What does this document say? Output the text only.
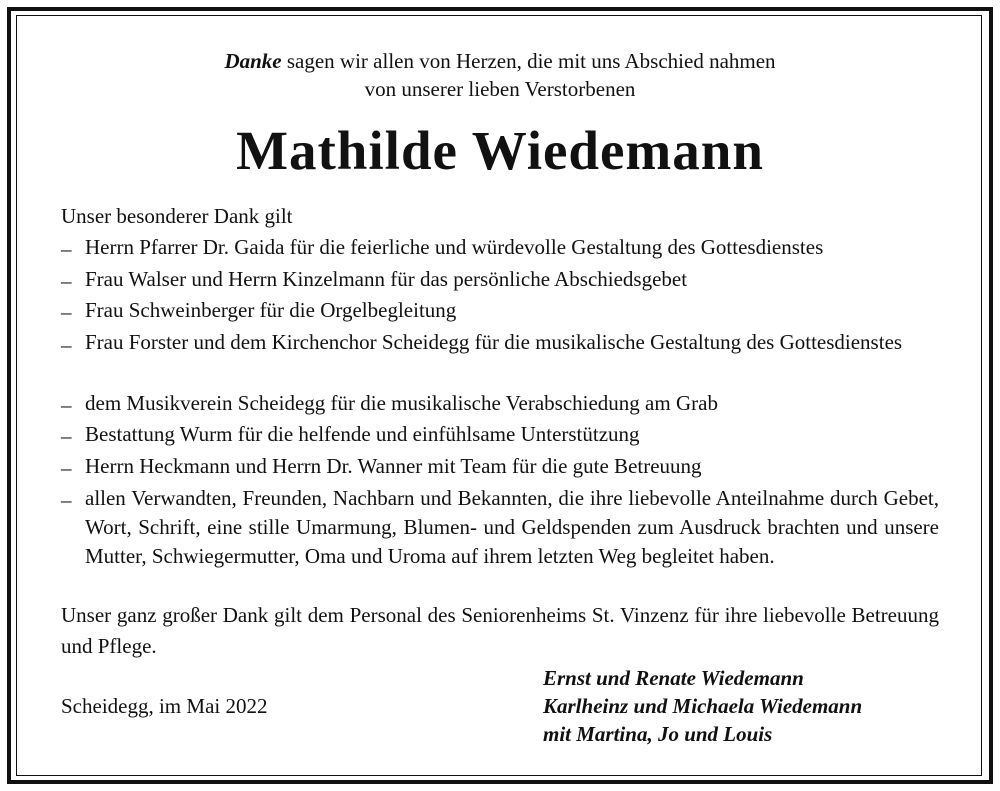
Danke sagen wir allen von Herzen, die mit uns Abschied nahmen

von unserer lieben Verstorbenen

Mathilde Wiedemann

Unser besonderer Dank gilt

– Herrn Pfarrer Dr. Gaida für die feierliche und würdevolle Gestaltung des Gottesdienstes

– Frau Walser und Herrn Kinzelmann für das persönliche Abschiedsgebet

– Frau Schweinberger für die Orgelbegleitung

– Frau Forster und dem Kirchenchor Scheidegg für die musikalische Gestaltung des Gottesdienstes

– dem Musikverein Scheidegg für die musikalische Verabschiedung am Grab

– Bestattung Wurm für die helfende und einfühlsame Unterstützung

– Herrn Heckmann und Herrn Dr. Wanner mit Team für die gute Betreuung

– allen Verwandten, Freunden, Nachbarn und Bekannten, die ihre liebevolle Anteilnahme durch Gebet, Wort, Schrift, eine stille Umarmung, Blumen- und Geldspenden zum Ausdruck brachten und unsere Mutter, Schwiegermutter, Oma und Uroma auf ihrem letzten Weg begleitet haben.

Unser ganz großer Dank gilt dem Personal des Seniorenheims St. Vinzenz für ihre liebevolle Betreuung und Pflege.

Scheidegg, im Mai 2022

Ernst und Renate Wiedemann

Karlheinz und Michaela Wiedemann

mit Martina, Jo und Louis
